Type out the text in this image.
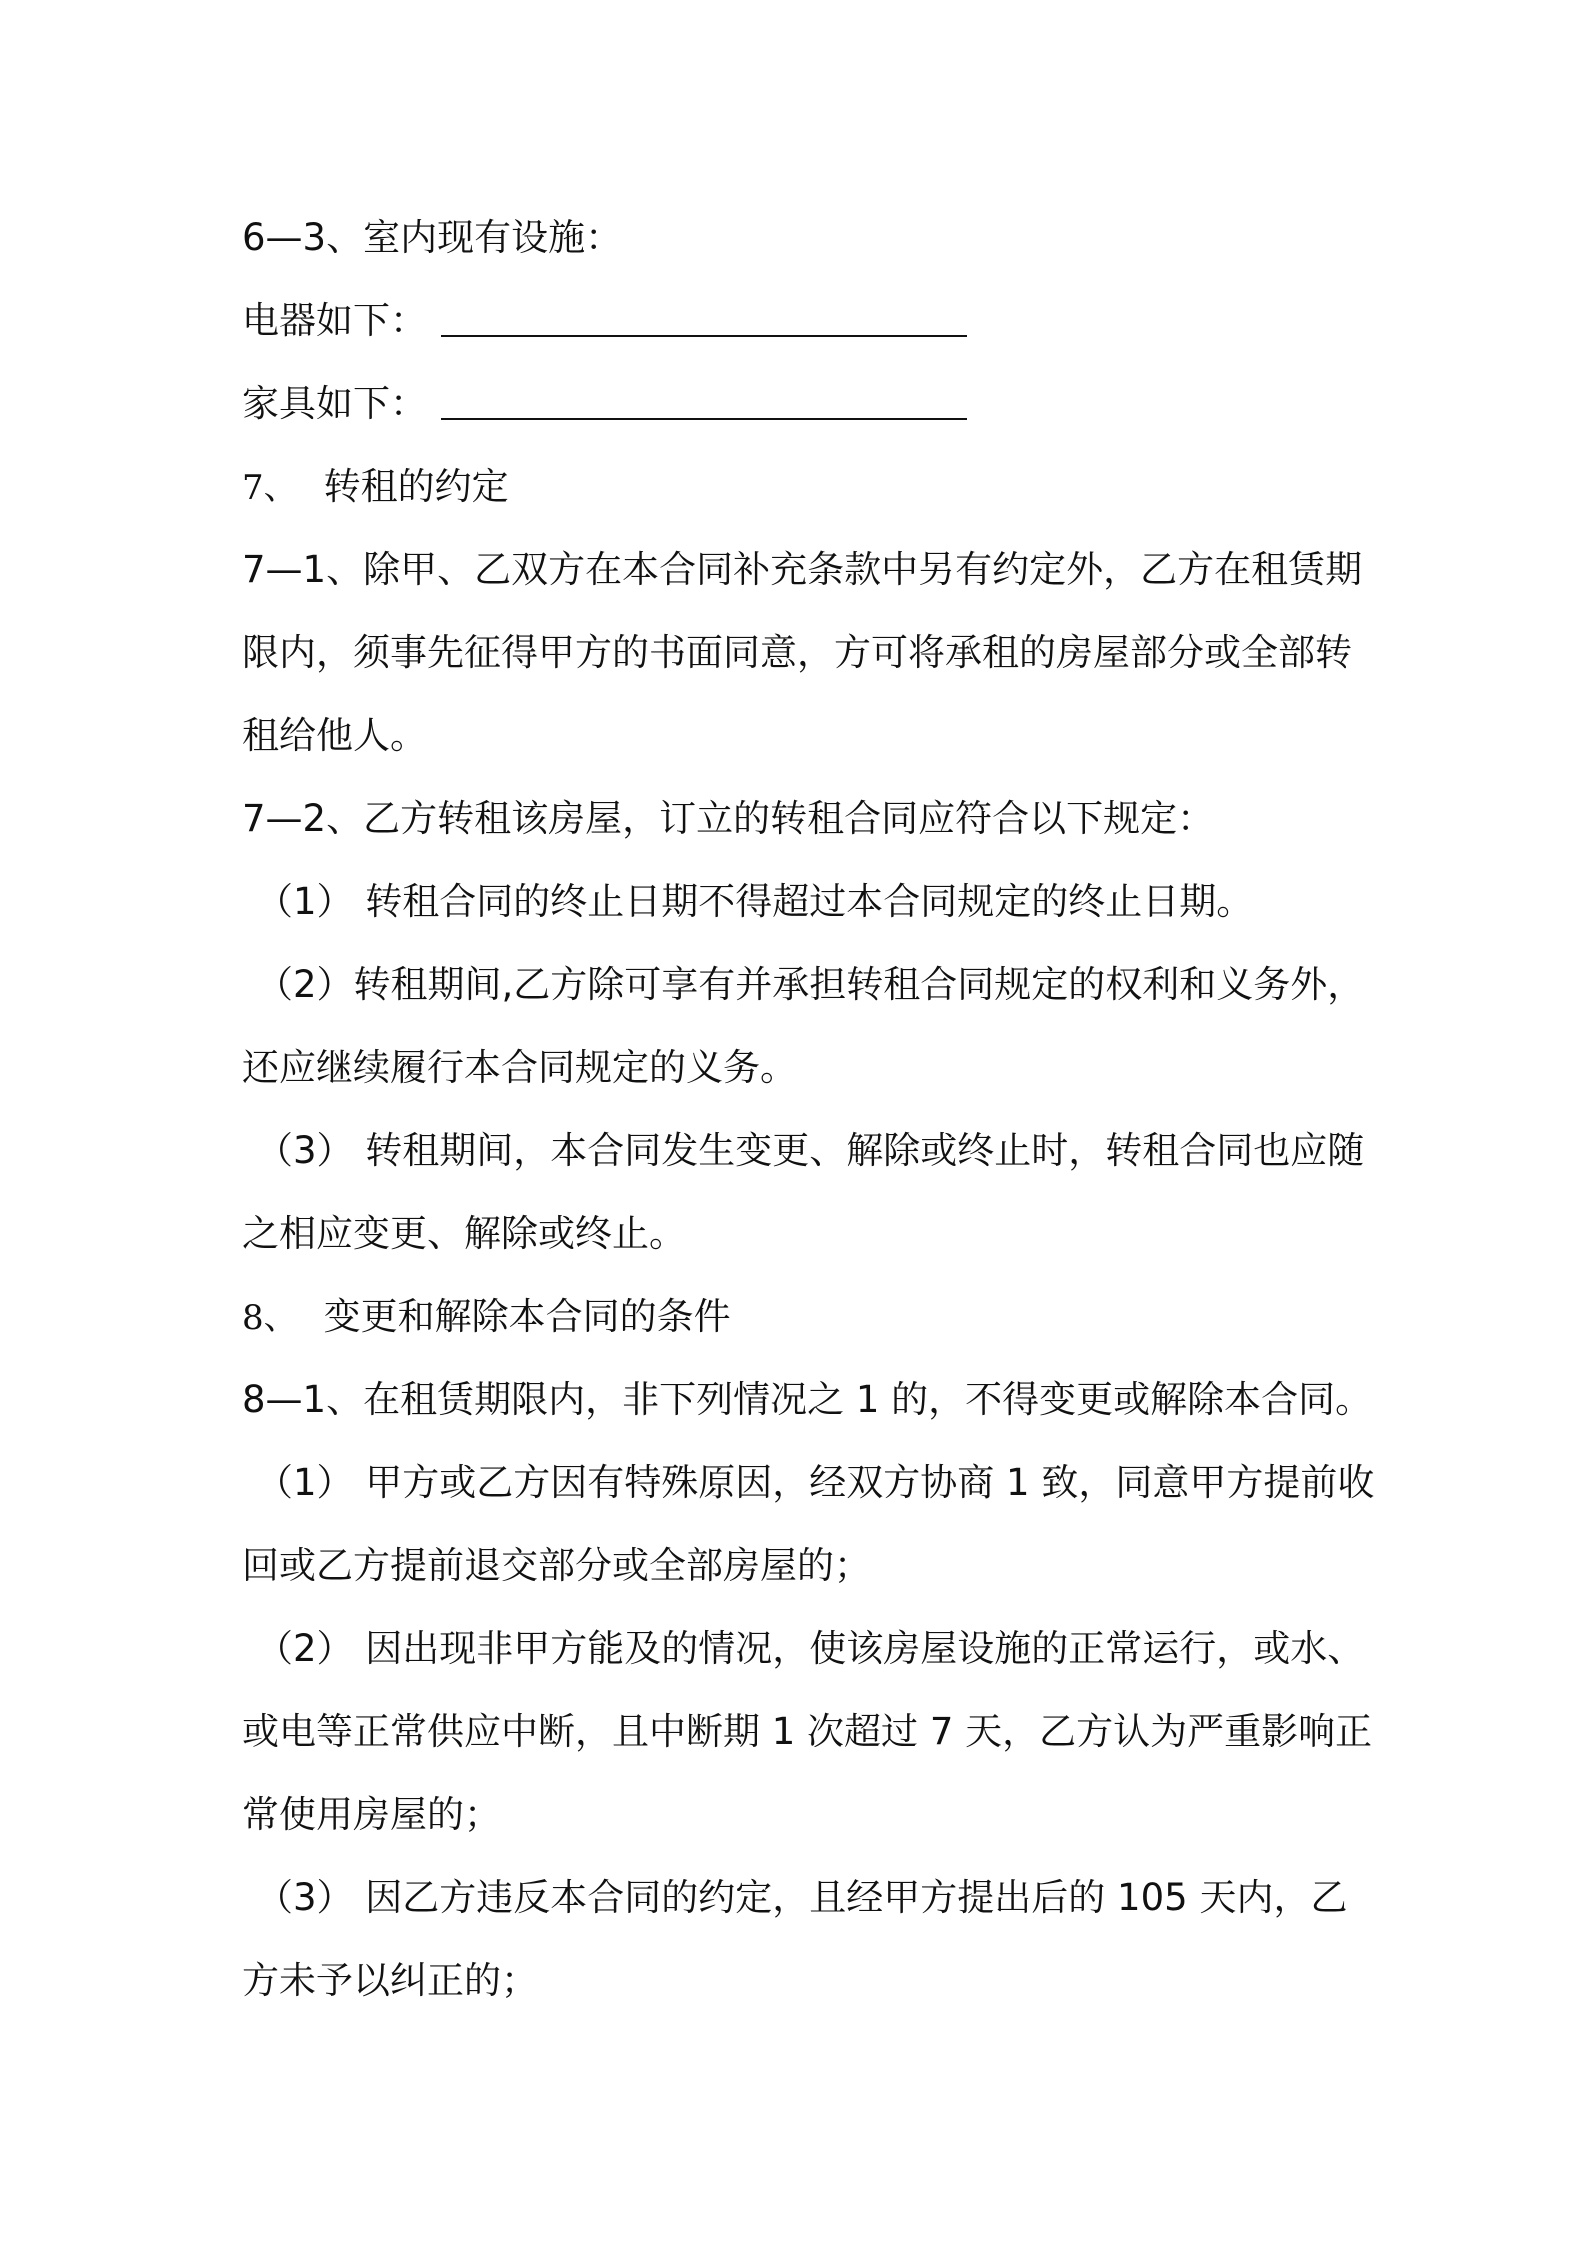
6—3、室内现有设施：
电器如下：
家具如下：
7、 转租的约定
7—1、除甲、乙双方在本合同补充条款中另有约定外，乙方在租赁期
限内，须事先征得甲方的书面同意，方可将承租的房屋部分或全部转
租给他人。
7—2、乙方转租该房屋，订立的转租合同应符合以下规定：
（1） 转租合同的终止日期不得超过本合同规定的终止日期。
（2）转租期间,乙方除可享有并承担转租合同规定的权利和义务外，
还应继续履行本合同规定的义务。
（3） 转租期间，本合同发生变更、解除或终止时，转租合同也应随
之相应变更、解除或终止。
8、 变更和解除本合同的条件
8—1、在租赁期限内，非下列情况之 1 的，不得变更或解除本合同。
（1） 甲方或乙方因有特殊原因，经双方协商 1 致，同意甲方提前收
回或乙方提前退交部分或全部房屋的；
（2） 因出现非甲方能及的情况，使该房屋设施的正常运行，或水、
或电等正常供应中断，且中断期 1 次超过 7 天，乙方认为严重影响正
常使用房屋的；
（3） 因乙方违反本合同的约定，且经甲方提出后的 105 天内，乙
方未予以纠正的；
